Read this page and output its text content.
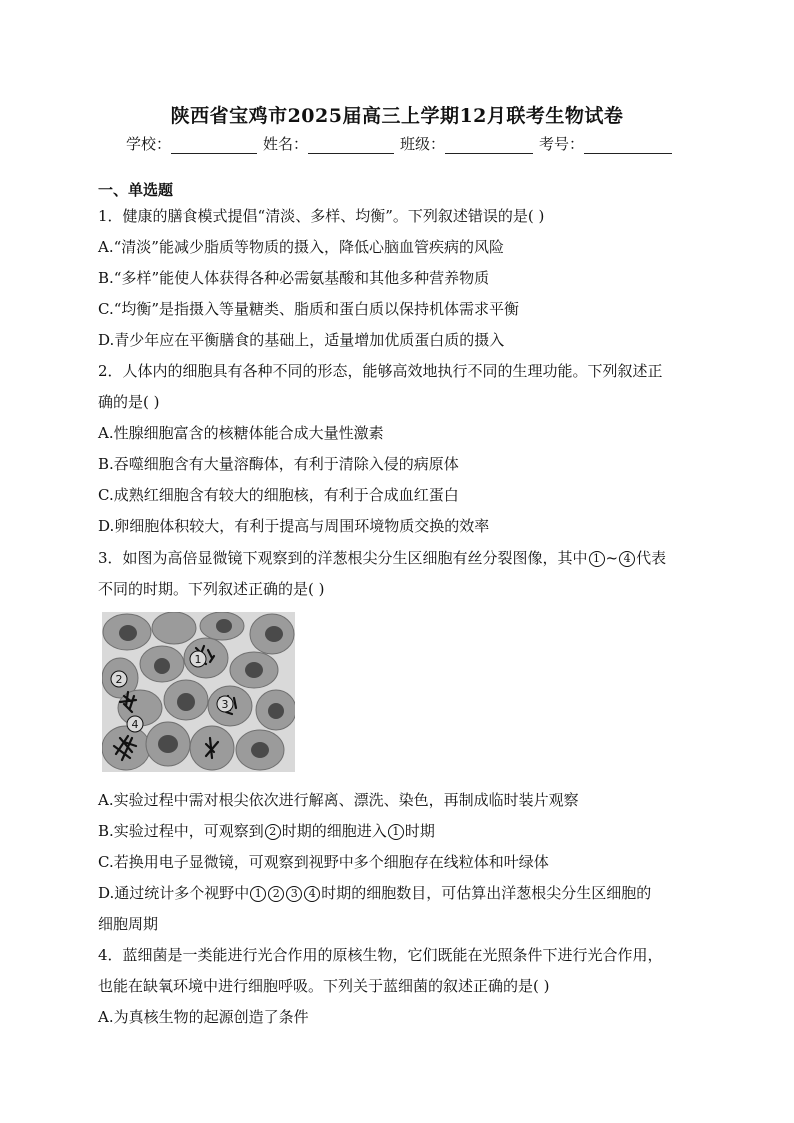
陕西省宝鸡市2025届高三上学期12月联考生物试卷
学校：	姓名：	班级：	考号：
一、单选题
1．健康的膳食模式提倡“清淡、多样、均衡”。下列叙述错误的是( )
A.“清淡”能减少脂质等物质的摄入，降低心脑血管疾病的风险
B.“多样”能使人体获得各种必需氨基酸和其他多种营养物质
C.“均衡”是指摄入等量糖类、脂质和蛋白质以保持机体需求平衡
D.青少年应在平衡膳食的基础上，适量增加优质蛋白质的摄入
2．人体内的细胞具有各种不同的形态，能够高效地执行不同的生理功能。下列叙述正
确的是( )
A.性腺细胞富含的核糖体能合成大量性激素
B.吞噬细胞含有大量溶酶体，有利于清除入侵的病原体
C.成熟红细胞含有较大的细胞核，有利于合成血红蛋白
D.卵细胞体积较大，有利于提高与周围环境物质交换的效率
3．如图为高倍显微镜下观察到的洋葱根尖分生区细胞有丝分裂图像，其中 1 ~ 4 代表
不同的时期。下列叙述正确的是( )
1
2
3
4
A.实验过程中需对根尖依次进行解离、漂洗、染色，再制成临时装片观察
B.实验过程中，可观察到 2 时期的细胞进入 1 时期
C.若换用电子显微镜，可观察到视野中多个细胞存在线粒体和叶绿体
D.通过统计多个视野中 1 2 3 4 时期的细胞数目，可估算出洋葱根尖分生区细胞的
细胞周期
4．蓝细菌是一类能进行光合作用的原核生物，它们既能在光照条件下进行光合作用，
也能在缺氧环境中进行细胞呼吸。下列关于蓝细菌的叙述正确的是( )
A.为真核生物的起源创造了条件
